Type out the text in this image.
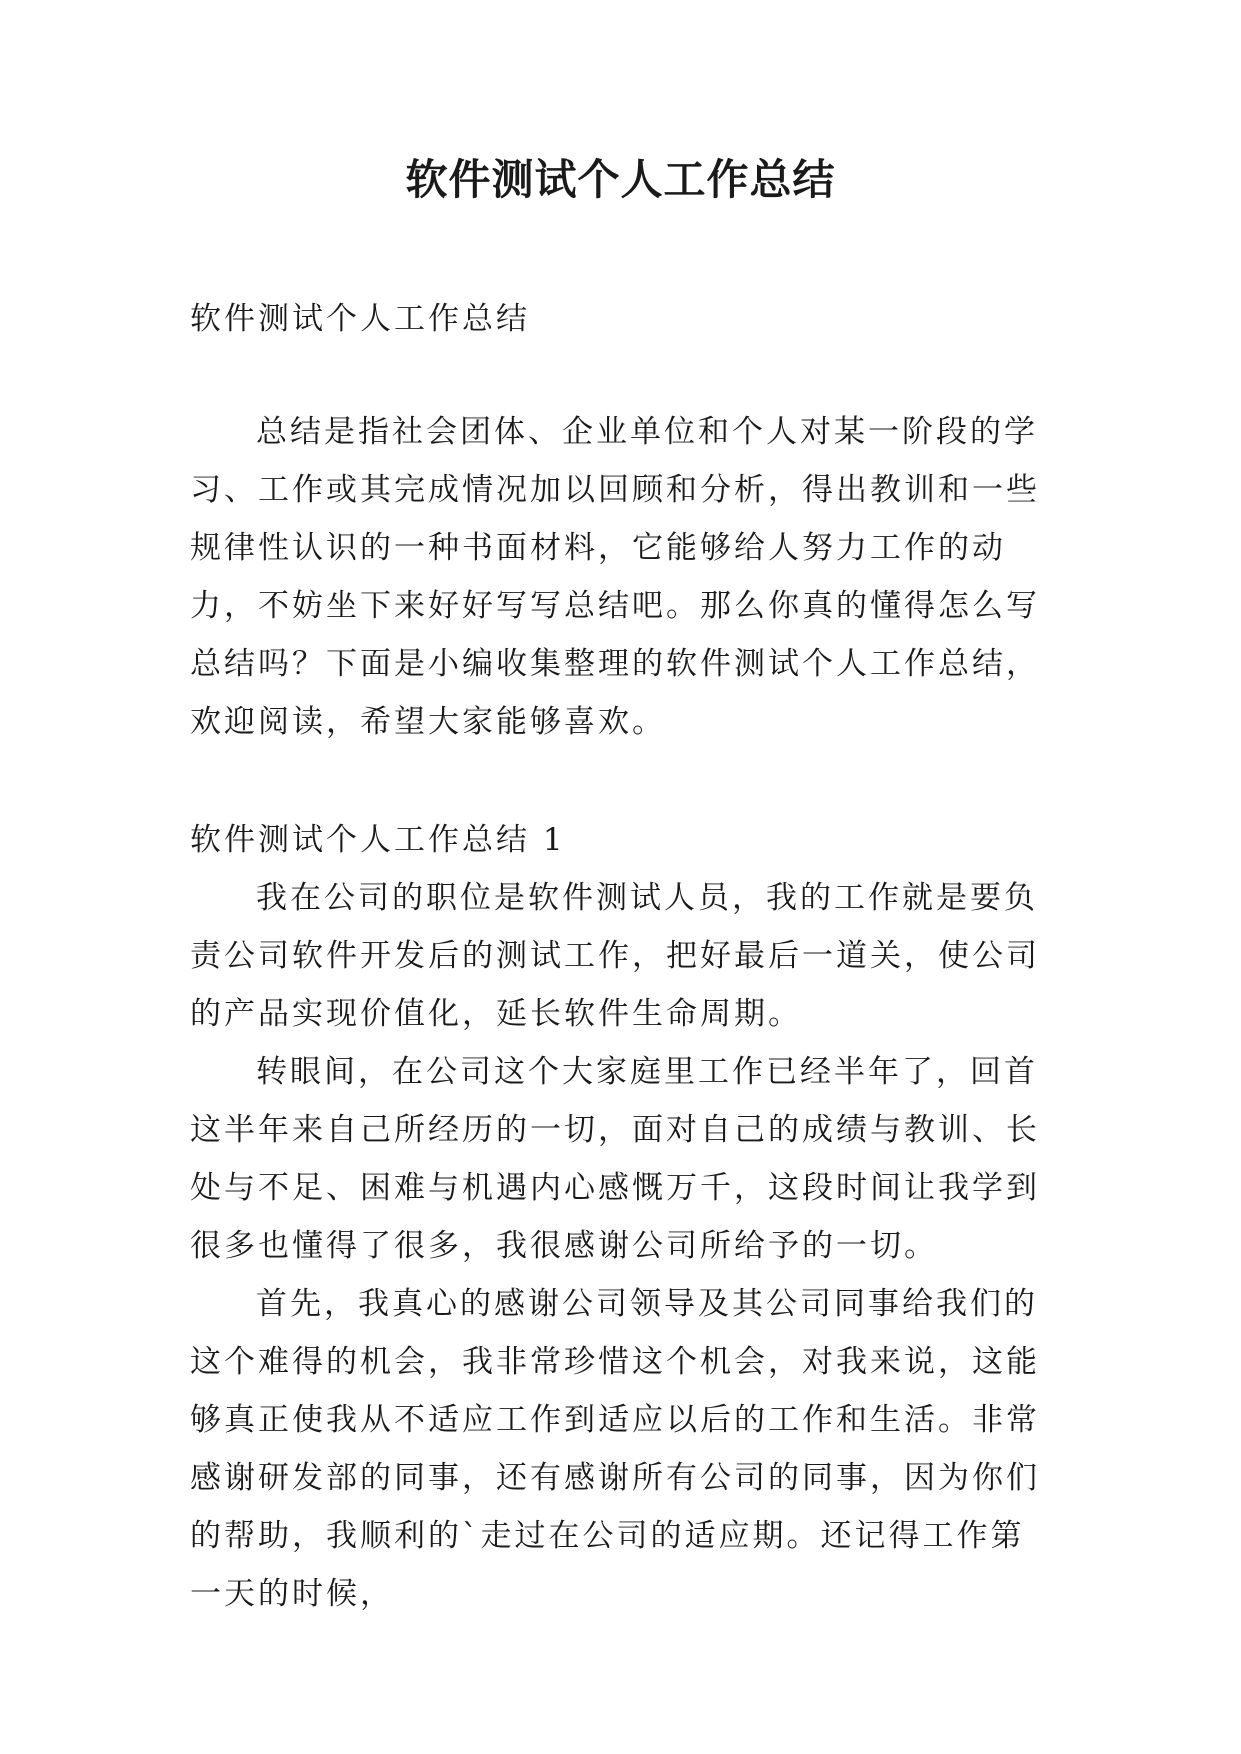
软件测试个人工作总结

软件测试个人工作总结

总结是指社会团体、企业单位和个人对某一阶段的学习、工作或其完成情况加以回顾和分析，得出教训和一些规律性认识的一种书面材料，它能够给人努力工作的动力，不妨坐下来好好写写总结吧。那么你真的懂得怎么写总结吗？下面是小编收集整理的软件测试个人工作总结，欢迎阅读，希望大家能够喜欢。

软件测试个人工作总结 1

我在公司的职位是软件测试人员，我的工作就是要负责公司软件开发后的测试工作，把好最后一道关，使公司的产品实现价值化，延长软件生命周期。

转眼间，在公司这个大家庭里工作已经半年了，回首这半年来自己所经历的一切，面对自己的成绩与教训、长处与不足、困难与机遇内心感慨万千，这段时间让我学到很多也懂得了很多，我很感谢公司所给予的一切。

首先，我真心的感谢公司领导及其公司同事给我们的这个难得的机会，我非常珍惜这个机会，对我来说，这能够真正使我从不适应工作到适应以后的工作和生活。非常感谢研发部的同事，还有感谢所有公司的同事，因为你们的帮助，我顺利的`走过在公司的适应期。还记得工作第一天的时候，
